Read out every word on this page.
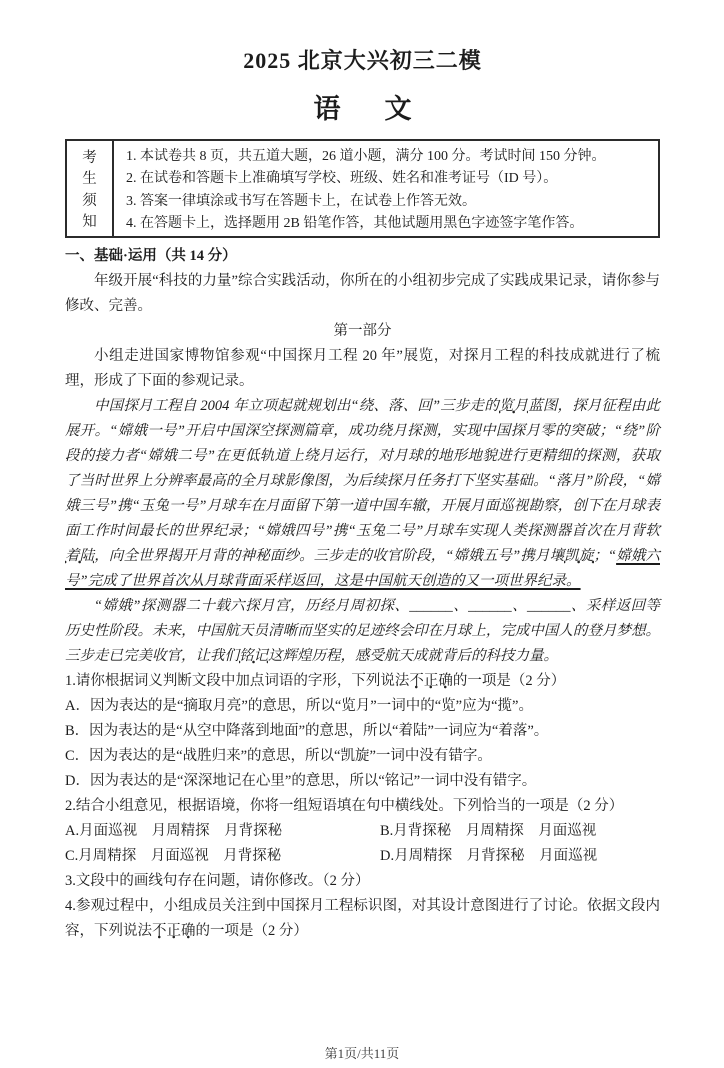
2025 北京大兴初三二模
语 文
考
生
须
知
1. 本试卷共 8 页，共五道大题，26 道小题，满分 100 分。考试时间 150 分钟。
2. 在试卷和答题卡上准确填写学校、班级、姓名和准考证号（ID 号）。
3. 答案一律填涂或书写在答题卡上，在试卷上作答无效。
4. 在答题卡上，选择题用 2B 铅笔作答，其他试题用黑色字迹签字笔作答。

一、基础·运用（共 14 分）

年级开展“科技的力量”综合实践活动，你所在的小组初步完成了实践成果记录，请你参与修改、完善。

第一部分

小组走进国家博物馆参观“中国探月工程 20 年”展览，对探月工程的科技成就进行了梳理，形成了下面的参观记录。

中国探月工程自 2004 年立项起就规划出“绕、落、回”三步走的览月蓝图，探月征程由此展开。“嫦娥一号”开启中国深空探测篇章，成功绕月探测，实现中国探月零的突破；“绕”阶段的接力者“嫦娥二号”在更低轨道上绕月运行，对月球的地形地貌进行更精细的探测，获取了当时世界上分辨率最高的全月球影像图，为后续探月任务打下坚实基础。“落月”阶段，“嫦娥三号”携“玉兔一号”月球车在月面留下第一道中国车辙，开展月面巡视勘察，创下在月球表面工作时间最长的世界纪录；“嫦娥四号”携“玉兔二号”月球车实现人类探测器首次在月背软着陆，向全世界揭开月背的神秘面纱。三步走的收官阶段，“嫦娥五号”携月壤凯旋；“嫦娥六号”完成了世界首次从月球背面采样返回，这是中国航天创造的又一项世界纪录。

“嫦娥”探测器二十载六探月宫，历经月周初探、______、______、______、采样返回等历史性阶段。未来，中国航天员清晰而坚实的足迹终会印在月球上，完成中国人的登月梦想。三步走已完美收官，让我们铭记这辉煌历程，感受航天成就背后的科技力量。

1.请你根据词义判断文段中加点词语的字形，下列说法不正确的一项是（2 分）

A．因为表达的是“摘取月亮”的意思，所以“览月”一词中的“览”应为“揽”。

B．因为表达的是“从空中降落到地面”的意思，所以“着陆”一词应为“着落”。

C．因为表达的是“战胜归来”的意思，所以“凯旋”一词中没有错字。

D．因为表达的是“深深地记在心里”的意思，所以“铭记”一词中没有错字。

2.结合小组意见，根据语境，你将一组短语填在句中横线处。下列恰当的一项是（2 分）

A.月面巡视　月周精探　月背探秘	B.月背探秘　月周精探　月面巡视
C.月周精探　月面巡视　月背探秘	D.月周精探　月背探秘　月面巡视

3.文段中的画线句存在问题，请你修改。（2 分）

4.参观过程中，小组成员关注到中国探月工程标识图，对其设计意图进行了讨论。依据文段内容，下列说法不正确的一项是（2 分）

第1页/共11页
